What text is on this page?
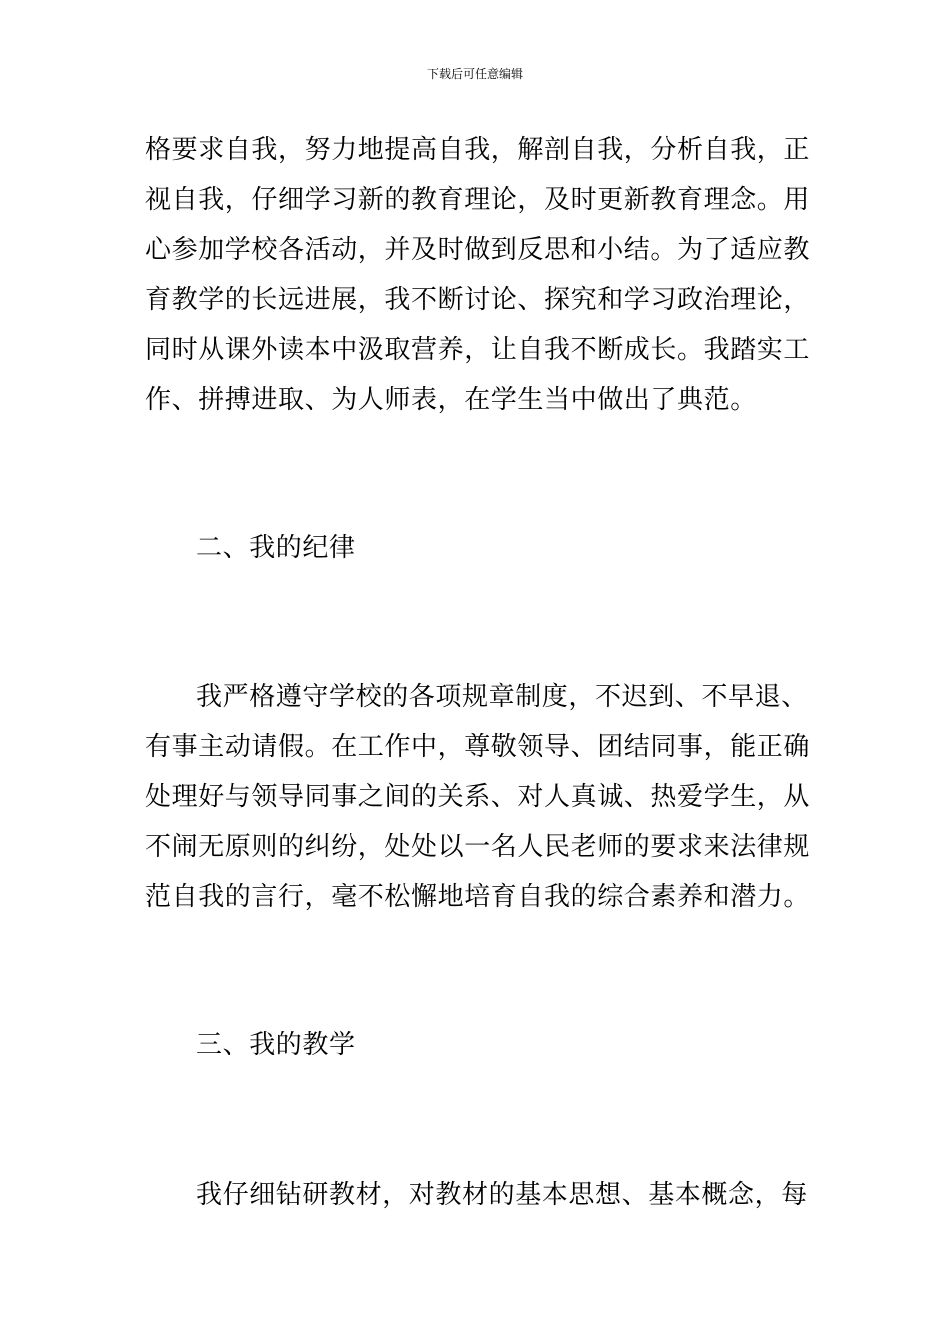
下载后可任意编辑
格要求自我，努力地提高自我，解剖自我，分析自我，正
视自我，仔细学习新的教育理论，及时更新教育理念。用
心参加学校各活动，并及时做到反思和小结。为了适应教
育教学的长远进展，我不断讨论、探究和学习政治理论，
同时从课外读本中汲取营养，让自我不断成长。我踏实工
作、拼搏进取、为人师表，在学生当中做出了典范。
二、我的纪律
我严格遵守学校的各项规章制度，不迟到、不早退、
有事主动请假。在工作中，尊敬领导、团结同事，能正确
处理好与领导同事之间的关系、对人真诚、热爱学生，从
不闹无原则的纠纷，处处以一名人民老师的要求来法律规
范自我的言行，毫不松懈地培育自我的综合素养和潜力。
三、我的教学
我仔细钻研教材，对教材的基本思想、基本概念，每
